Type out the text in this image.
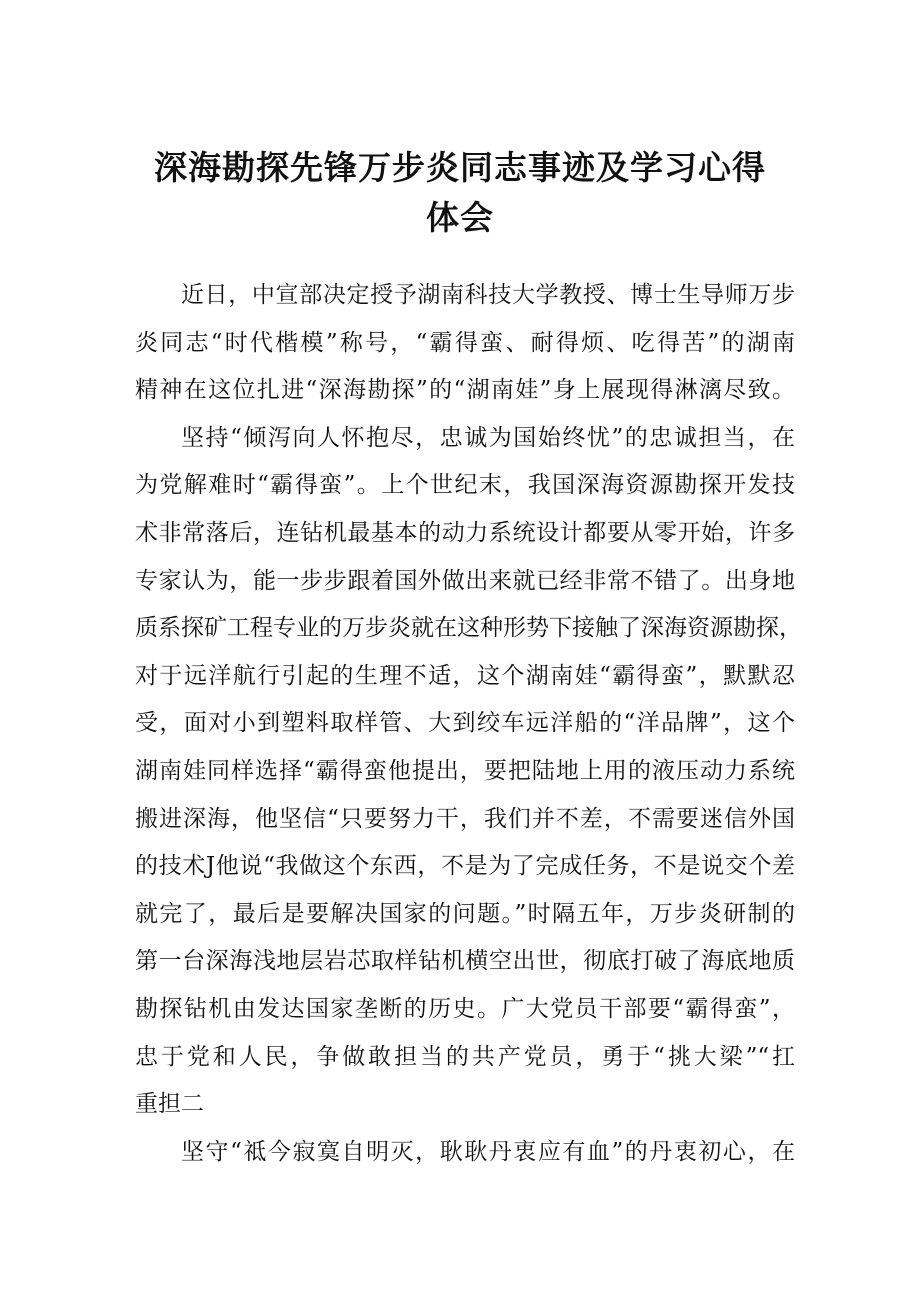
深海勘探先锋万步炎同志事迹及学习心得
体会
近日，中宣部决定授予湖南科技大学教授、博士生导师万步
炎同志“时代楷模”称号，“霸得蛮、耐得烦、吃得苦”的湖南
精神在这位扎进“深海勘探”的“湖南娃”身上展现得淋漓尽致。
坚持“倾泻向人怀抱尽，忠诚为国始终忧”的忠诚担当，在
为党解难时“霸得蛮”。上个世纪末，我国深海资源勘探开发技
术非常落后，连钻机最基本的动力系统设计都要从零开始，许多
专家认为，能一步步跟着国外做出来就已经非常不错了。出身地
质系探矿工程专业的万步炎就在这种形势下接触了深海资源勘探，
对于远洋航行引起的生理不适，这个湖南娃“霸得蛮”，默默忍
受，面对小到塑料取样管、大到绞车远洋船的“洋品牌”，这个
湖南娃同样选择“霸得蛮他提出，要把陆地上用的液压动力系统
搬进深海，他坚信“只要努力干，我们并不差，不需要迷信外国
的技术J他说“我做这个东西，不是为了完成任务，不是说交个差
就完了，最后是要解决国家的问题。”时隔五年，万步炎研制的
第一台深海浅地层岩芯取样钻机横空出世，彻底打破了海底地质
勘探钻机由发达国家垄断的历史。广大党员干部要“霸得蛮”，
忠于党和人民，争做敢担当的共产党员，勇于“挑大梁”“扛
重担二
坚守“祗今寂寞自明灭，耿耿丹衷应有血”的丹衷初心，在
